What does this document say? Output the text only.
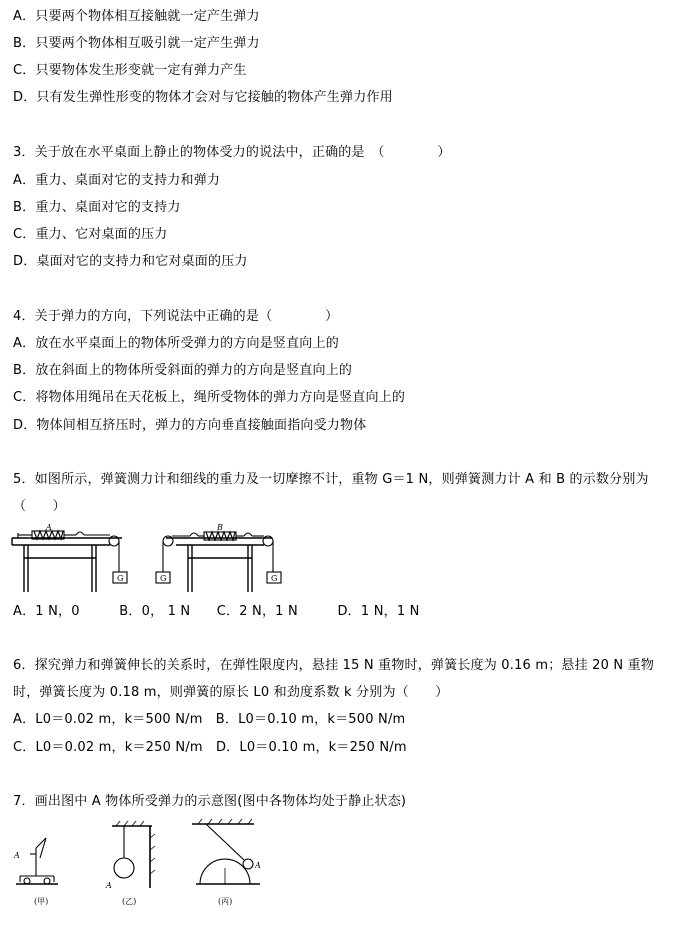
A．只要两个物体相互接触就一定产生弹力
B．只要两个物体相互吸引就一定产生弹力
C．只要物体发生形变就一定有弹力产生
D．只有发生弹性形变的物体才会对与它接触的物体产生弹力作用
3．关于放在水平桌面上静止的物体受力的说法中，正确的是　（　　　　）
A．重力、桌面对它的支持力和弹力
B．重力、桌面对它的支持力
C．重力、它对桌面的压力
D．桌面对它的支持力和它对桌面的压力
4．关于弹力的方向，下列说法中正确的是（　　　　）
A．放在水平桌面上的物体所受弹力的方向是竖直向上的
B．放在斜面上的物体所受斜面的弹力的方向是竖直向上的
C．将物体用绳吊在天花板上，绳所受物体的弹力方向是竖直向上的
D．物体间相互挤压时，弹力的方向垂直接触面指向受力物体
5．如图所示，弹簧测力计和细线的重力及一切摩擦不计，重物 G＝1 N，则弹簧测力计 A 和 B 的示数分别为
（　　）
A
G	G
B
G
A．1 N，0　　　B．0， 1 N　　C．2 N，1 N　　　D．1 N，1 N
6．探究弹力和弹簧伸长的关系时，在弹性限度内，悬挂 15 N 重物时，弹簧长度为 0.16 m；悬挂 20 N 重物
时，弹簧长度为 0.18 m，则弹簧的原长 L0 和劲度系数 k 分别为（　　）
A．L0＝0.02 m，k＝500 N/m　B．L0＝0.10 m，k＝500 N/m
C．L0＝0.02 m，k＝250 N/m　D．L0＝0.10 m，k＝250 N/m
7．画出图中 A 物体所受弹力的示意图(图中各物体均处于静止状态)
A
(甲)
A
(乙)
A
(丙)
